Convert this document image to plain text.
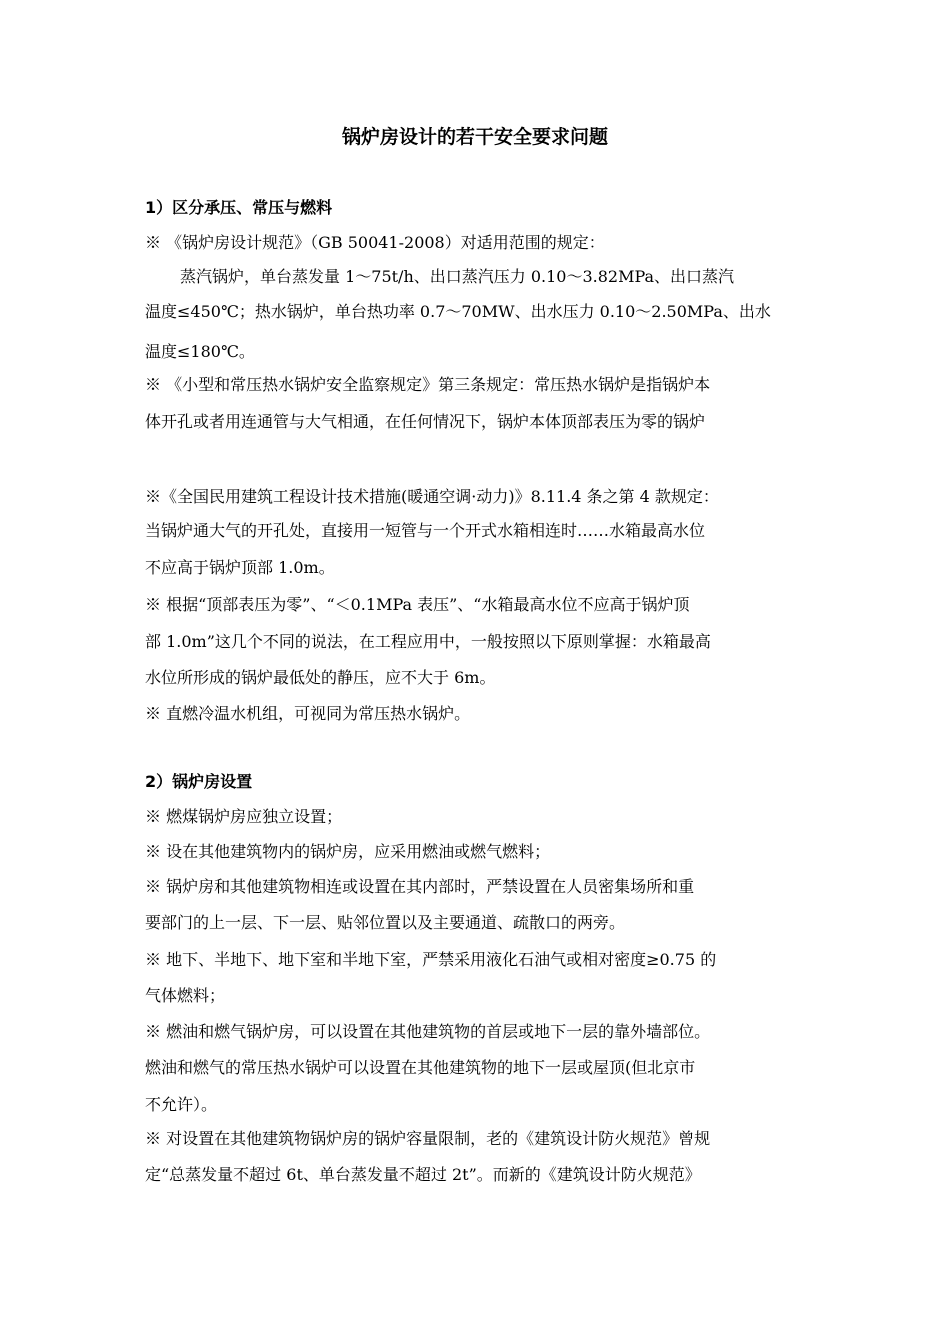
锅炉房设计的若干安全要求问题
1）区分承压、常压与燃料
※ 《锅炉房设计规范》（GB 50041-2008）对适用范围的规定：
蒸汽锅炉，单台蒸发量 1～75t/h、出口蒸汽压力 0.10～3.82MPa、出口蒸汽
温度≤450℃；热水锅炉，单台热功率 0.7～70MW、出水压力 0.10～2.50MPa、出水
温度≤180℃。
※ 《小型和常压热水锅炉安全监察规定》第三条规定：常压热水锅炉是指锅炉本
体开孔或者用连通管与大气相通，在任何情况下，锅炉本体顶部表压为零的锅炉
※《全国民用建筑工程设计技术措施(暖通空调·动力)》8.11.4 条之第 4 款规定：
当锅炉通大气的开孔处，直接用一短管与一个开式水箱相连时……水箱最高水位
不应高于锅炉顶部 1.0m。
※ 根据“顶部表压为零”、“＜0.1MPa 表压”、“水箱最高水位不应高于锅炉顶
部 1.0m”这几个不同的说法，在工程应用中，一般按照以下原则掌握：水箱最高
水位所形成的锅炉最低处的静压，应不大于 6m。
※ 直燃冷温水机组，可视同为常压热水锅炉。
2）锅炉房设置
※ 燃煤锅炉房应独立设置；
※ 设在其他建筑物内的锅炉房，应采用燃油或燃气燃料；
※ 锅炉房和其他建筑物相连或设置在其内部时，严禁设置在人员密集场所和重
要部门的上一层、下一层、贴邻位置以及主要通道、疏散口的两旁。
※ 地下、半地下、地下室和半地下室，严禁采用液化石油气或相对密度≥0.75 的
气体燃料；
※ 燃油和燃气锅炉房，可以设置在其他建筑物的首层或地下一层的靠外墙部位。
燃油和燃气的常压热水锅炉可以设置在其他建筑物的地下一层或屋顶(但北京市
不允许）。
※ 对设置在其他建筑物锅炉房的锅炉容量限制，老的《建筑设计防火规范》曾规
定“总蒸发量不超过 6t、单台蒸发量不超过 2t”。而新的《建筑设计防火规范》
